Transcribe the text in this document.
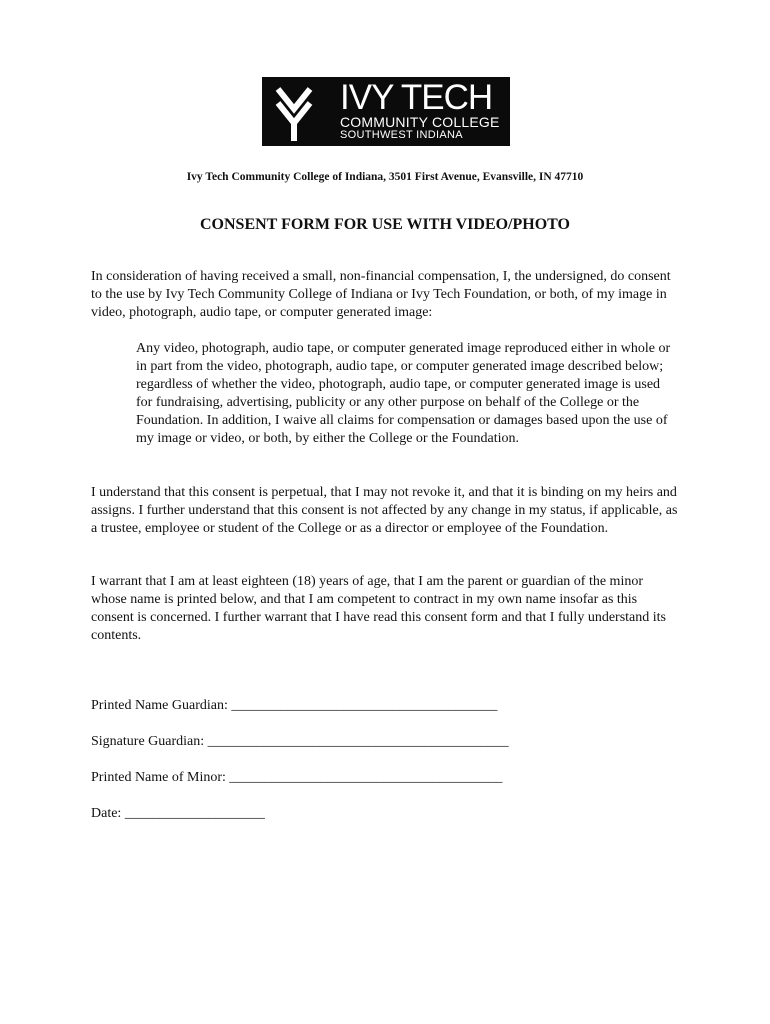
IVY TECH
COMMUNITY COLLEGE
SOUTHWEST INDIANA
Ivy Tech Community College of Indiana, 3501 First Avenue, Evansville, IN 47710
CONSENT FORM FOR USE WITH VIDEO/PHOTO

In consideration of having received a small, non-financial compensation, I, the undersigned, do consent to the use by Ivy Tech Community College of Indiana or Ivy Tech Foundation, or both, of my image in video, photograph, audio tape, or computer generated image:

Any video, photograph, audio tape, or computer generated image reproduced either in whole or in part from the video, photograph, audio tape, or computer generated image described below; regardless of whether the video, photograph, audio tape, or computer generated image is used for fundraising, advertising, publicity or any other purpose on behalf of the College or the Foundation. In addition, I waive all claims for compensation or damages based upon the use of my image or video, or both, by either the College or the Foundation.

I understand that this consent is perpetual, that I may not revoke it, and that it is binding on my heirs and assigns. I further understand that this consent is not affected by any change in my status, if applicable, as a trustee, employee or student of the College or as a director or employee of the Foundation.

I warrant that I am at least eighteen (18) years of age, that I am the parent or guardian of the minor whose name is printed below, and that I am competent to contract in my own name insofar as this consent is concerned. I further warrant that I have read this consent form and that I fully understand its contents.

Printed Name Guardian: ______________________________________
Signature Guardian: ___________________________________________
Printed Name of Minor: _______________________________________
Date: ____________________
